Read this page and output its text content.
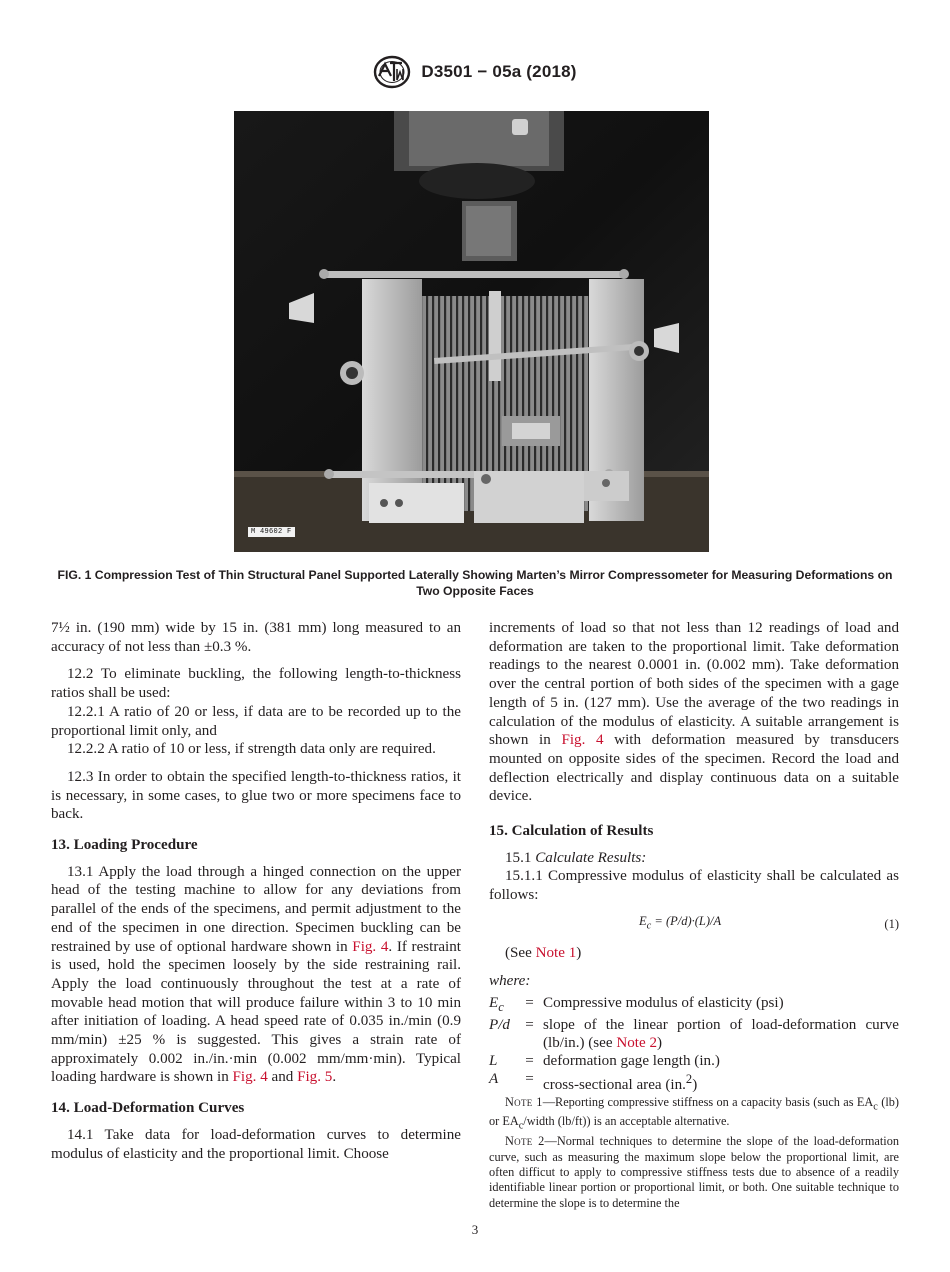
D3501 − 05a (2018)
M 49602 F
FIG. 1 Compression Test of Thin Structural Panel Supported Laterally Showing Marten’s Mirror Compressometer for Measuring Deformations on Two Opposite Faces

7½ in. (190 mm) wide by 15 in. (381 mm) long measured to an accuracy of not less than ±0.3 %.

12.2 To eliminate buckling, the following length-to-thickness ratios shall be used:

12.2.1 A ratio of 20 or less, if data are to be recorded up to the proportional limit only, and

12.2.2 A ratio of 10 or less, if strength data only are required.

12.3 In order to obtain the specified length-to-thickness ratios, it is necessary, in some cases, to glue two or more specimens face to back.

13. Loading Procedure

13.1 Apply the load through a hinged connection on the upper head of the testing machine to allow for any deviations from parallel of the ends of the specimens, and permit adjustment to the end of the specimen in one direction. Specimen buckling can be restrained by use of optional hardware shown in Fig. 4. If restraint is used, hold the specimen loosely by the side restraining rail. Apply the load continuously throughout the test at a rate of movable head motion that will produce failure within 3 to 10 min after initiation of loading. A head speed rate of 0.035 in./min (0.9 mm/min) ±25 % is suggested. This gives a strain rate of approximately 0.002 in./in.·min (0.002 mm/mm·min). Typical loading hardware is shown in Fig. 4 and Fig. 5.

14. Load-Deformation Curves

14.1 Take data for load-deformation curves to determine modulus of elasticity and the proportional limit. Choose

increments of load so that not less than 12 readings of load and deformation are taken to the proportional limit. Take deformation readings to the nearest 0.0001 in. (0.002 mm). Take deformation over the central portion of both sides of the specimen with a gage length of 5 in. (127 mm). Use the average of the two readings in calculation of the modulus of elasticity. A suitable arrangement is shown in Fig. 4 with deformation measured by transducers mounted on opposite sides of the specimen. Record the load and deflection electrically and display continuous data on a suitable device.

15. Calculation of Results

15.1 Calculate Results:

15.1.1 Compressive modulus of elasticity shall be calculated as follows:

$E_c = (P/d)\cdot(L)/A$	(1)

(See Note 1)

where:

$E_c$	=	Compressive modulus of elasticity (psi)
P/d	=	slope of the linear portion of load-deformation curve (lb/in.) (see Note 2)
L	=	deformation gage length (in.)
A	=	cross-sectional area (in.$^2$)

Note 1—Reporting compressive stiffness on a capacity basis (such as $EA_c$ (lb) or $EA_c$/width (lb/ft)) is an acceptable alternative.

Note 2—Normal techniques to determine the slope of the load-deformation curve, such as measuring the maximum slope below the proportional limit, are often difficut to apply to compressive stiffness tests due to absence of a readily identifiable linear portion or proportional limit, or both. One suitable technique to determine the slope is to determine the

3
